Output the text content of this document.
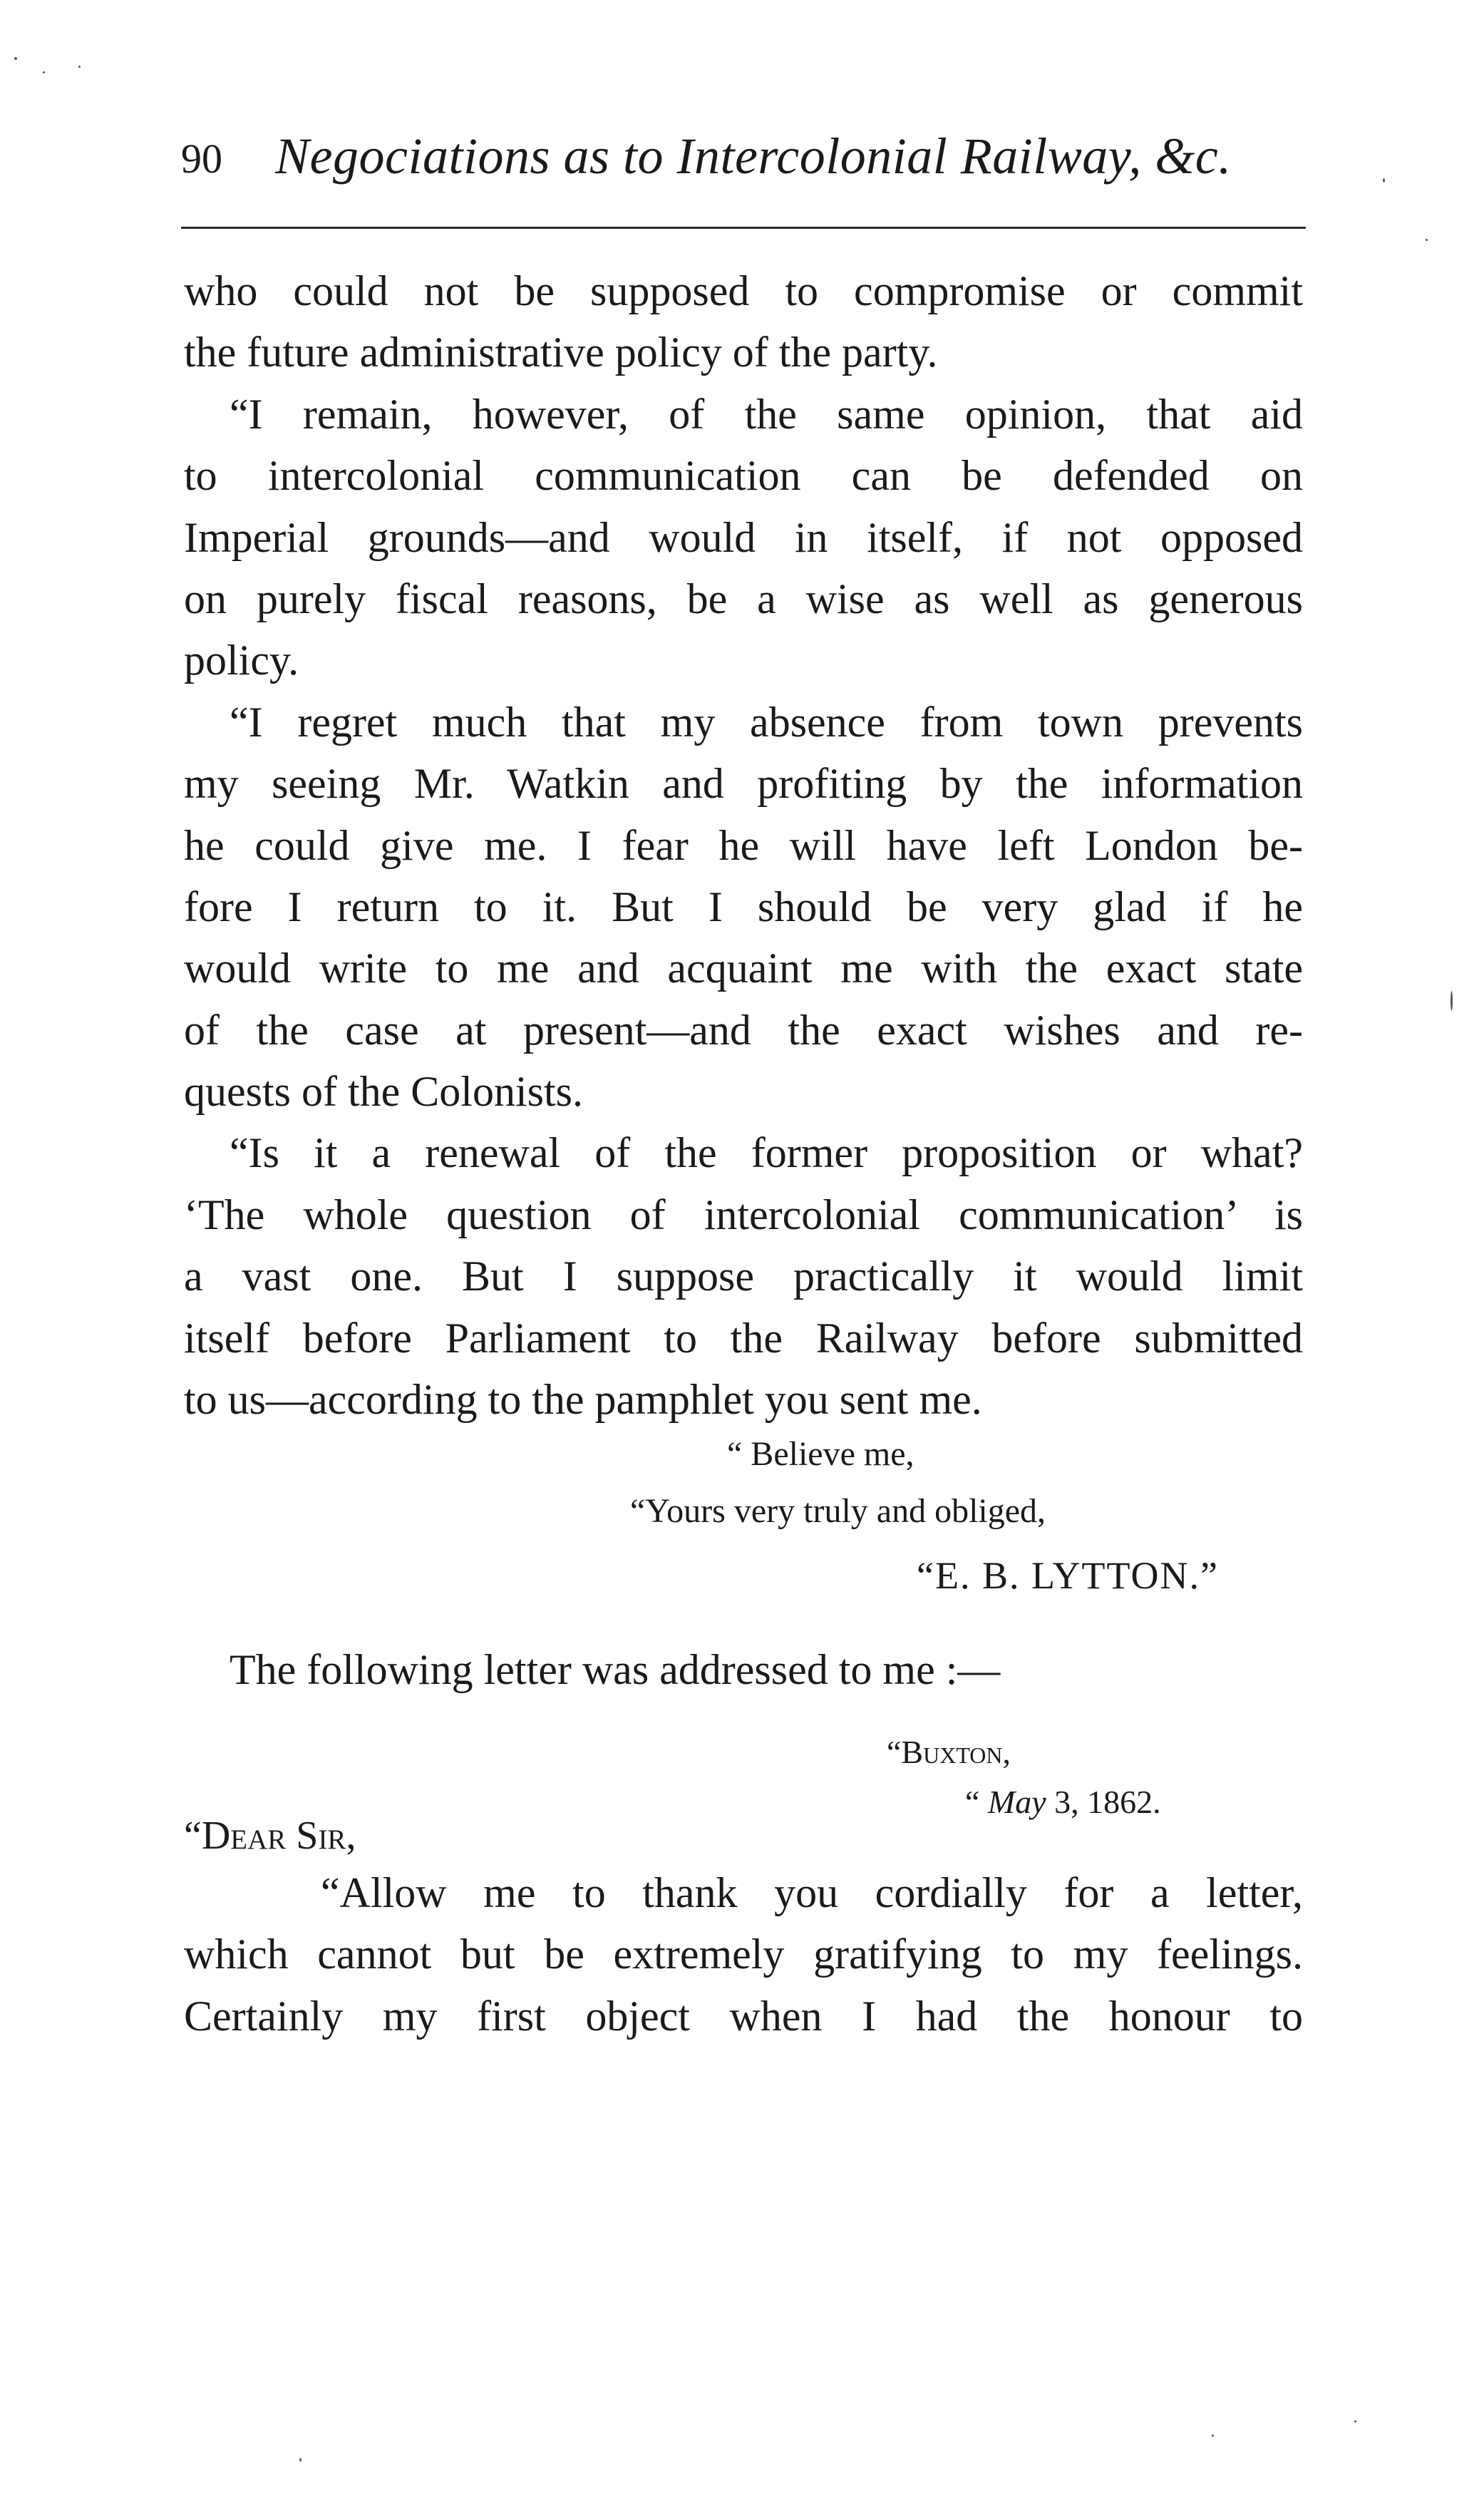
90 Negociations as to Intercolonial Railway, &c.
who could not be supposed to compromise or commit
the future administrative policy of the party.
“I remain, however, of the same opinion, that aid
to intercolonial communication can be defended on
Imperial grounds—and would in itself, if not opposed
on purely fiscal reasons, be a wise as well as generous
policy.
“I regret much that my absence from town prevents
my seeing Mr. Watkin and profiting by the information
he could give me. I fear he will have left London be-
fore I return to it. But I should be very glad if he
would write to me and acquaint me with the exact state
of the case at present—and the exact wishes and re-
quests of the Colonists.
“Is it a renewal of the former proposition or what?
‘The whole question of intercolonial communication’ is
a vast one. But I suppose practically it would limit
itself before Parliament to the Railway before submitted
to us—according to the pamphlet you sent me.
“ Believe me,
“Yours very truly and obliged,
“E. B. LYTTON.”
The following letter was addressed to me :—
“Buxton,
“ May 3, 1862.
“Dear Sir,
“Allow me to thank you cordially for a letter,
which cannot but be extremely gratifying to my feelings.
Certainly my first object when I had the honour to
